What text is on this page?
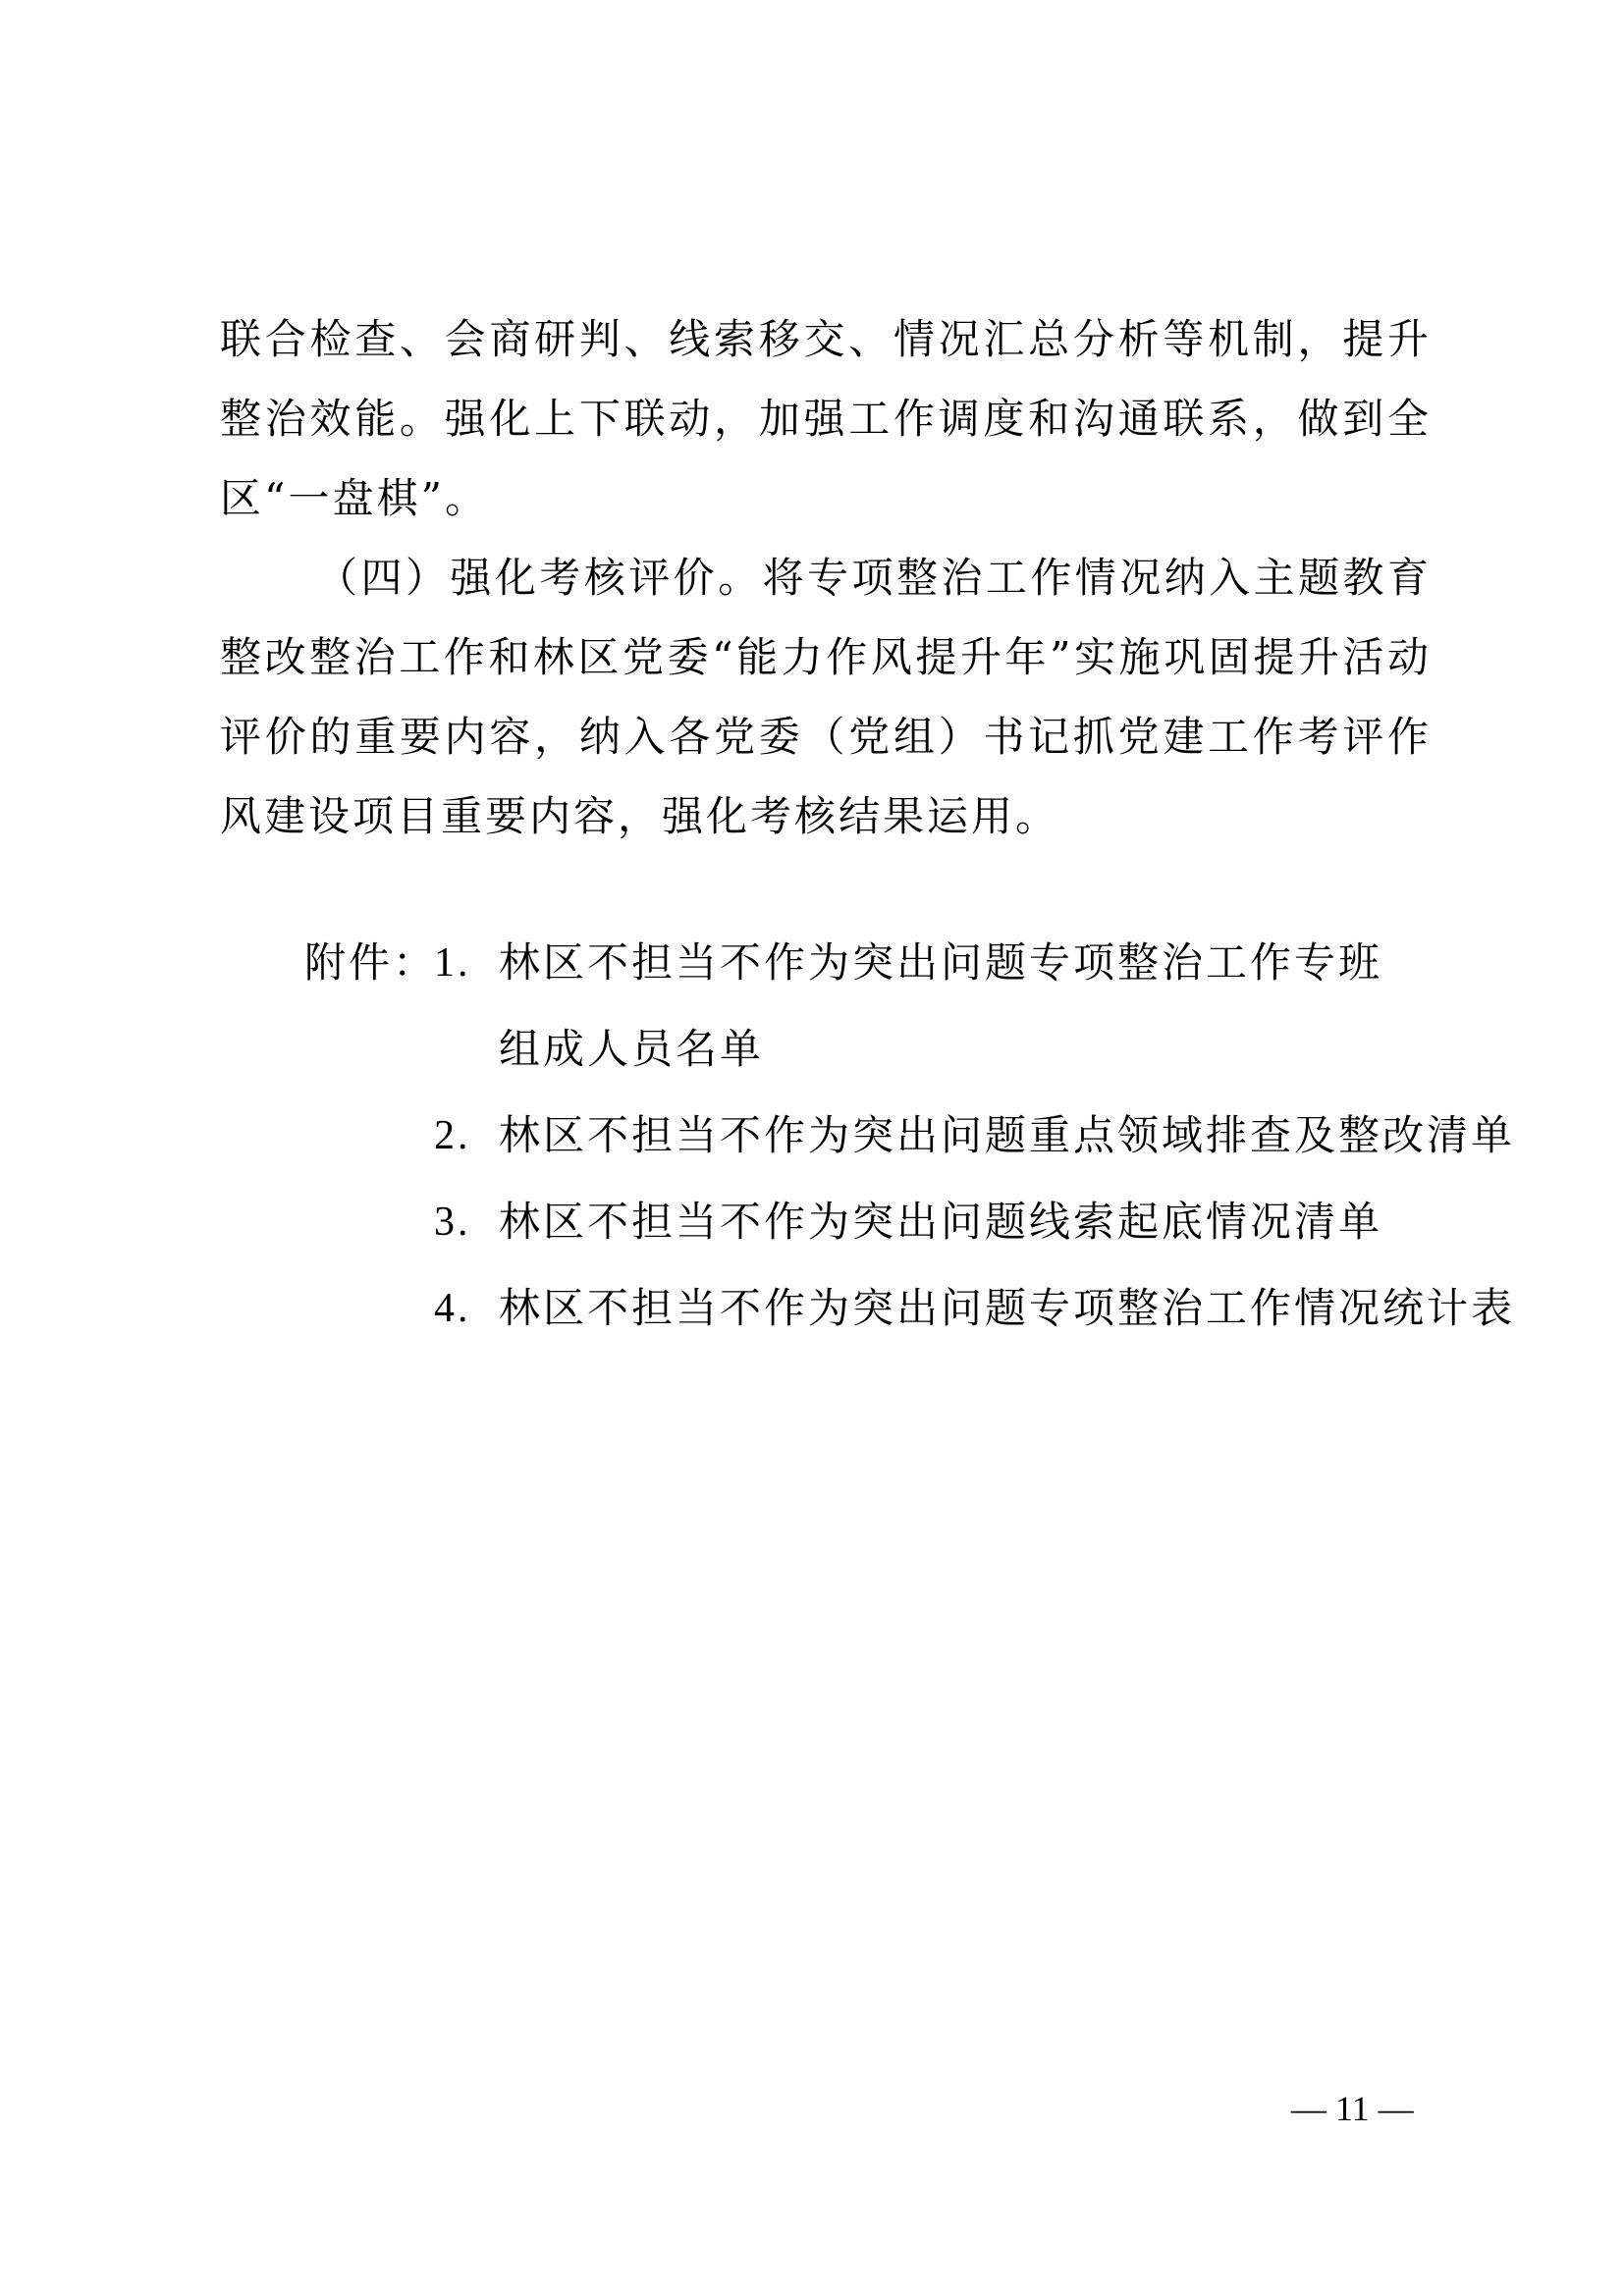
联合检查、会商研判、线索移交、情况汇总分析等机制，提升整治效能。强化上下联动，加强工作调度和沟通联系，做到全区“一盘棋”。

（四）强化考核评价。将专项整治工作情况纳入主题教育整改整治工作和林区党委“能力作风提升年”实施巩固提升活动评价的重要内容，纳入各党委（党组）书记抓党建工作考评作风建设项目重要内容，强化考核结果运用。

附件：
1. 林区不担当不作为突出问题专项整治工作专班
组成人员名单
2. 林区不担当不作为突出问题重点领域排查及整改清单
3. 林区不担当不作为突出问题线索起底情况清单
4. 林区不担当不作为突出问题专项整治工作情况统计表
— 11 —
